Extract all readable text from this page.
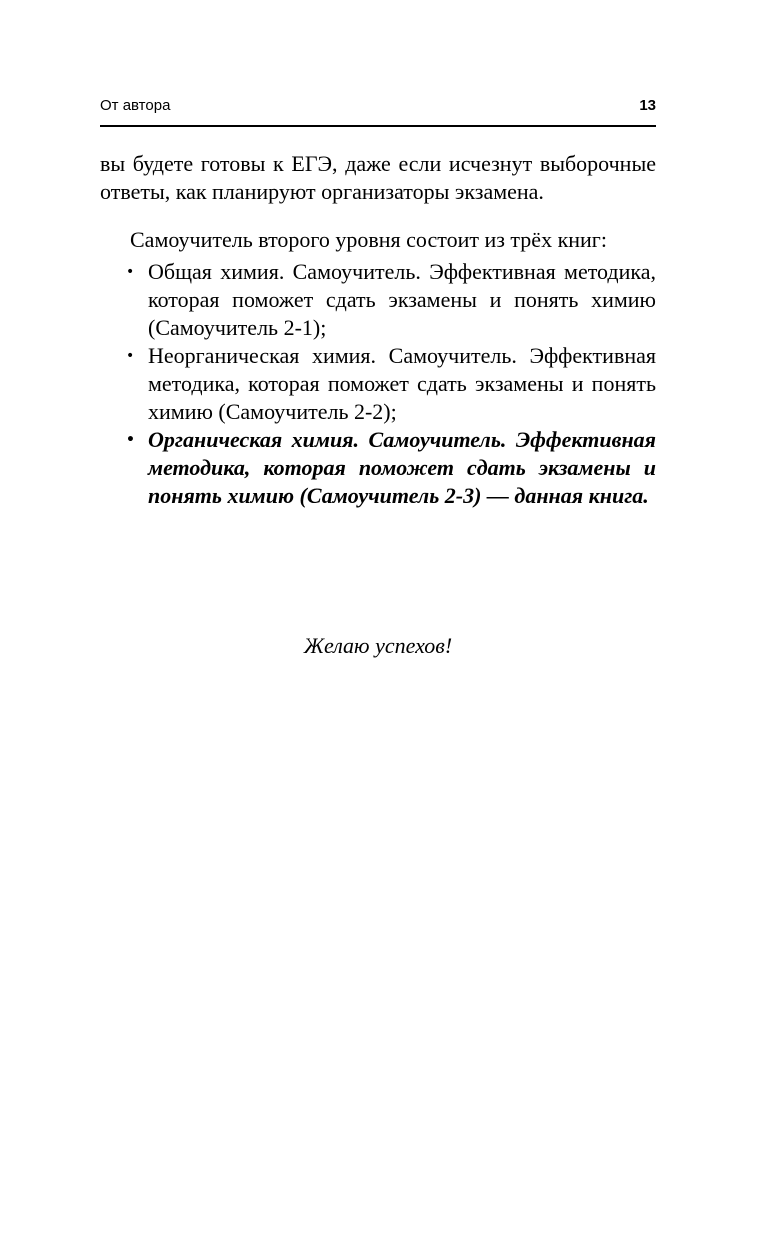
От автора	13

вы будете готовы к ЕГЭ, даже если исчезнут выборочные ответы, как планируют организаторы экзамена.

Самоучитель второго уровня состоит из трёх книг:

• Общая химия. Самоучитель. Эффективная методика, которая поможет сдать экзамены и понять химию (Самоучитель 2-1);
• Неорганическая химия. Самоучитель. Эффективная методика, которая поможет сдать экзамены и понять химию (Самоучитель 2-2);
• Органическая химия. Самоучитель. Эффективная методика, которая поможет сдать экзамены и понять химию (Самоучитель 2-3) — данная книга.
Желаю успехов!
